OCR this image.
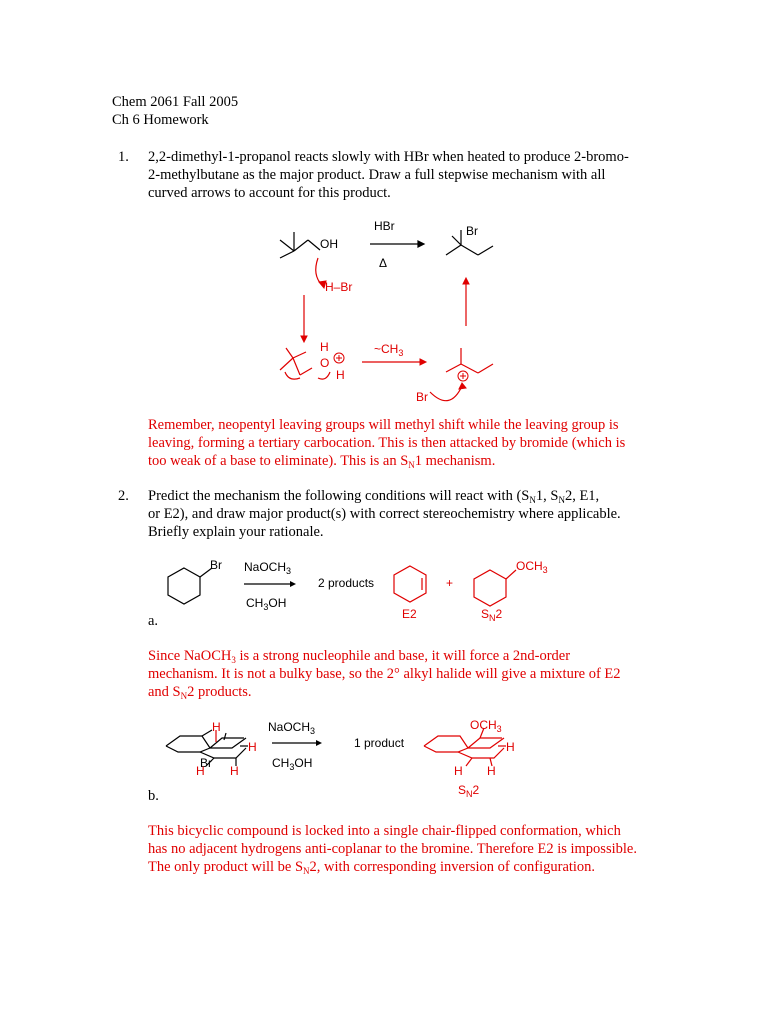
Chem 2061 Fall 2005
Ch 6 Homework
1. 2,2-dimethyl-1-propanol reacts slowly with HBr when heated to produce 2-bromo-
2-methylbutane as the major product. Draw a full stepwise mechanism with all
curved arrows to account for this product.
OH
HBr
Δ
Br
H–Br
H
O
H
$\sim CH_3$
Br
Remember, neopentyl leaving groups will methyl shift while the leaving group is
leaving, forming a tertiary carbocation. This is then attacked by bromide (which is
too weak of a base to eliminate). This is an $S_N1$ mechanism.
2. Predict the mechanism the following conditions will react with ($S_N1$, $S_N2$, E1,
or E2), and draw major product(s) with correct stereochemistry where applicable.
Briefly explain your rationale.
Br NaOCH$_3$
$CH_3OH$
2 products	+
E2	$S_N2$
$OCH_3$
a.
Since NaOCH$_3$ is a strong nucleophile and base, it will force a 2nd-order
mechanism. It is not a bulky base, so the 2° alkyl halide will give a mixture of E2
and $S_N2$ products.
H
H
Br
H H
NaOCH$_3$
$CH_3OH$
1 product
$OCH_3$
H
H H
$S_N2$
b.
This bicyclic compound is locked into a single chair-flipped conformation, which
has no adjacent hydrogens anti-coplanar to the bromine. Therefore E2 is impossible.
The only product will be $S_N2$, with corresponding inversion of configuration.
